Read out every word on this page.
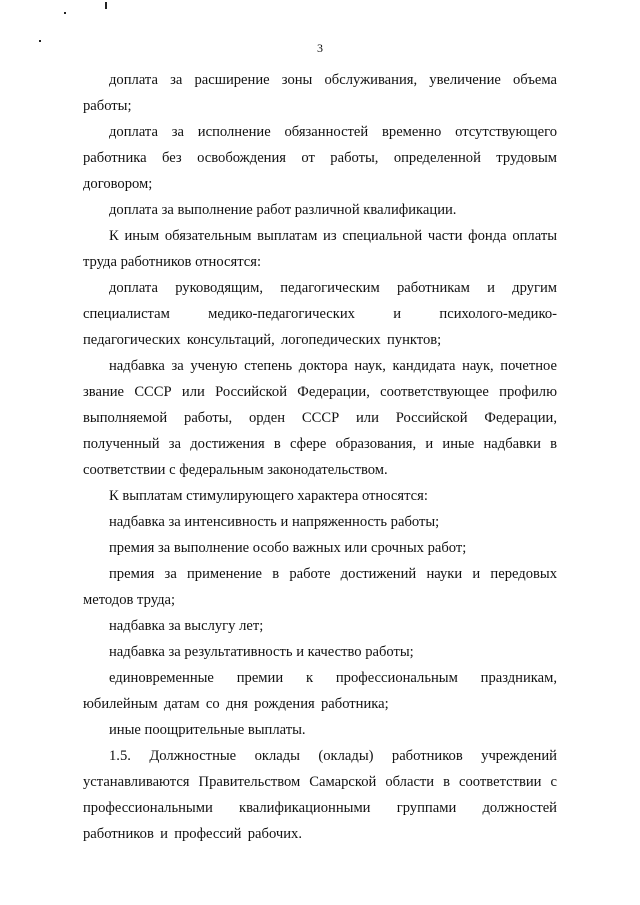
3

доплата за расширение зоны обслуживания, увеличение объема работы;

доплата за исполнение обязанностей временно отсутствующего работника без освобождения от работы, определенной трудовым договором;

доплата за выполнение работ различной квалификации.

К иным обязательным выплатам из специальной части фонда оплаты труда работников относятся:

доплата руководящим, педагогическим работникам и другим специалистам медико-педагогических и психолого-медико-педагогических консультаций, логопедических пунктов;

надбавка за ученую степень доктора наук, кандидата наук, почетное звание СССР или Российской Федерации, соответствующее профилю выполняемой работы, орден СССР или Российской Федерации, полученный за достижения в сфере образования, и иные надбавки в соответствии с федеральным законодательством.

К выплатам стимулирующего характера относятся:

надбавка за интенсивность и напряженность работы;

премия за выполнение особо важных или срочных работ;

премия за применение в работе достижений науки и передовых методов труда;

надбавка за выслугу лет;

надбавка за результативность и качество работы;

единовременные премии к профессиональным праздникам, юбилейным датам со дня рождения работника;

иные поощрительные выплаты.

1.5. Должностные оклады (оклады) работников учреждений устанавливаются Правительством Самарской области в соответствии с профессиональными квалификационными группами должностей работников и профессий рабочих.
